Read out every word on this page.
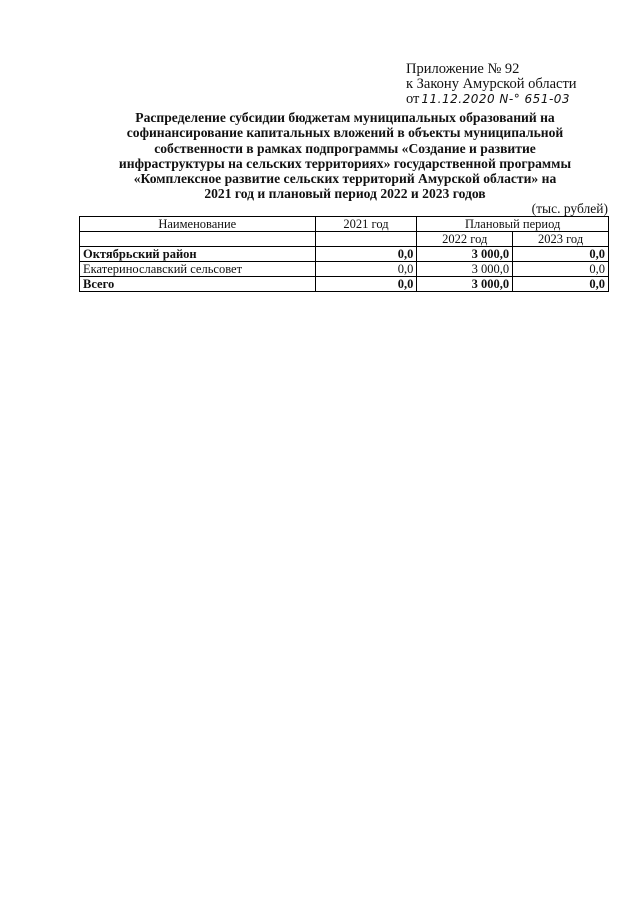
Приложение № 92
к Закону Амурской области
от 11.12.2020 N-° 651-03
Распределение субсидии бюджетам муниципальных образований на
софинансирование капитальных вложений в объекты муниципальной
собственности в рамках подпрограммы «Создание и развитие
инфраструктуры на сельских территориях» государственной программы
«Комплексное развитие сельских территорий Амурской области» на
2021 год и плановый период 2022 и 2023 годов
(тыс. рублей)
Наименование	2021 год	Плановый период	
		2022 год	2023 год
Октябрьский район	0,0	3 000,0	0,0
Екатеринославский сельсовет	0,0	3 000,0	0,0
Всего	0,0	3 000,0	0,0
